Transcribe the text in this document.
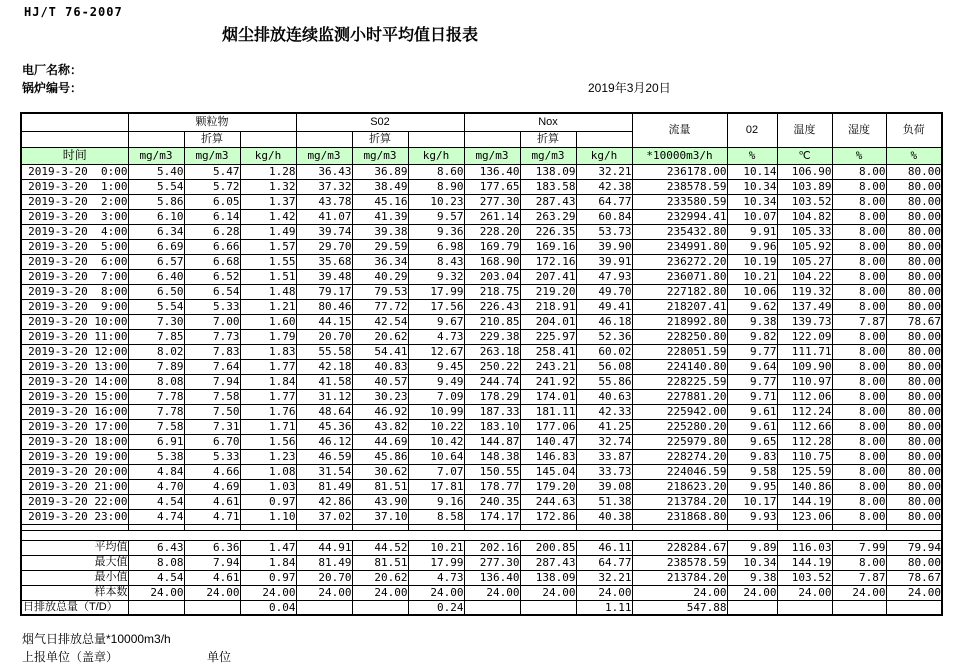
HJ/T 76-2007
烟尘排放连续监测小时平均值日报表
电厂名称：
锅炉编号：	2019年3月20日
	颗粒物			S02			Nox			流量	02	温度	湿度	负荷
		折算			折算			折算						
时间	mg/m3	mg/m3	kg/h	mg/m3	mg/m3	kg/h	mg/m3	mg/m3	kg/h	*10000m3/h	%	℃	%	%
2019-3-20  0:00	5.40	5.47	1.28	36.43	36.89	8.60	136.40	138.09	32.21	236178.00	10.14	106.90	8.00	80.00
2019-3-20  1:00	5.54	5.72	1.32	37.32	38.49	8.90	177.65	183.58	42.38	238578.59	10.34	103.89	8.00	80.00
2019-3-20  2:00	5.86	6.05	1.37	43.78	45.16	10.23	277.30	287.43	64.77	233580.59	10.34	103.52	8.00	80.00
2019-3-20  3:00	6.10	6.14	1.42	41.07	41.39	9.57	261.14	263.29	60.84	232994.41	10.07	104.82	8.00	80.00
2019-3-20  4:00	6.34	6.28	1.49	39.74	39.38	9.36	228.20	226.35	53.73	235432.80	9.91	105.33	8.00	80.00
2019-3-20  5:00	6.69	6.66	1.57	29.70	29.59	6.98	169.79	169.16	39.90	234991.80	9.96	105.92	8.00	80.00
2019-3-20  6:00	6.57	6.68	1.55	35.68	36.34	8.43	168.90	172.16	39.91	236272.20	10.19	105.27	8.00	80.00
2019-3-20  7:00	6.40	6.52	1.51	39.48	40.29	9.32	203.04	207.41	47.93	236071.80	10.21	104.22	8.00	80.00
2019-3-20  8:00	6.50	6.54	1.48	79.17	79.53	17.99	218.75	219.20	49.70	227182.80	10.06	119.32	8.00	80.00
2019-3-20  9:00	5.54	5.33	1.21	80.46	77.72	17.56	226.43	218.91	49.41	218207.41	9.62	137.49	8.00	80.00
2019-3-20 10:00	7.30	7.00	1.60	44.15	42.54	9.67	210.85	204.01	46.18	218992.80	9.38	139.73	7.87	78.67
2019-3-20 11:00	7.85	7.73	1.79	20.70	20.62	4.73	229.38	225.97	52.36	228250.80	9.82	122.09	8.00	80.00
2019-3-20 12:00	8.02	7.83	1.83	55.58	54.41	12.67	263.18	258.41	60.02	228051.59	9.77	111.71	8.00	80.00
2019-3-20 13:00	7.89	7.64	1.77	42.18	40.83	9.45	250.22	243.21	56.08	224140.80	9.64	109.90	8.00	80.00
2019-3-20 14:00	8.08	7.94	1.84	41.58	40.57	9.49	244.74	241.92	55.86	228225.59	9.77	110.97	8.00	80.00
2019-3-20 15:00	7.78	7.58	1.77	31.12	30.23	7.09	178.29	174.01	40.63	227881.20	9.71	112.06	8.00	80.00
2019-3-20 16:00	7.78	7.50	1.76	48.64	46.92	10.99	187.33	181.11	42.33	225942.00	9.61	112.24	8.00	80.00
2019-3-20 17:00	7.58	7.31	1.71	45.36	43.82	10.22	183.10	177.06	41.25	225280.20	9.61	112.66	8.00	80.00
2019-3-20 18:00	6.91	6.70	1.56	46.12	44.69	10.42	144.87	140.47	32.74	225979.80	9.65	112.28	8.00	80.00
2019-3-20 19:00	5.38	5.33	1.23	46.59	45.86	10.64	148.38	146.83	33.87	228274.20	9.83	110.75	8.00	80.00
2019-3-20 20:00	4.84	4.66	1.08	31.54	30.62	7.07	150.55	145.04	33.73	224046.59	9.58	125.59	8.00	80.00
2019-3-20 21:00	4.70	4.69	1.03	81.49	81.51	17.81	178.77	179.20	39.08	218623.20	9.95	140.86	8.00	80.00
2019-3-20 22:00	4.54	4.61	0.97	42.86	43.90	9.16	240.35	244.63	51.38	213784.20	10.17	144.19	8.00	80.00
2019-3-20 23:00	4.74	4.71	1.10	37.02	37.10	8.58	174.17	172.86	40.38	231868.80	9.93	123.06	8.00	80.00

平均值	6.43	6.36	1.47	44.91	44.52	10.21	202.16	200.85	46.11	228284.67	9.89	116.03	7.99	79.94
最大值	8.08	7.94	1.84	81.49	81.51	17.99	277.30	287.43	64.77	238578.59	10.34	144.19	8.00	80.00
最小值	4.54	4.61	0.97	20.70	20.62	4.73	136.40	138.09	32.21	213784.20	9.38	103.52	7.87	78.67
样本数	24.00	24.00	24.00	24.00	24.00	24.00	24.00	24.00	24.00	24.00	24.00	24.00	24.00	24.00
日排放总量（T/D）			0.04			0.24			1.11	547.88				
烟气日排放总量*10000m3/h
上报单位（盖章）	单位
